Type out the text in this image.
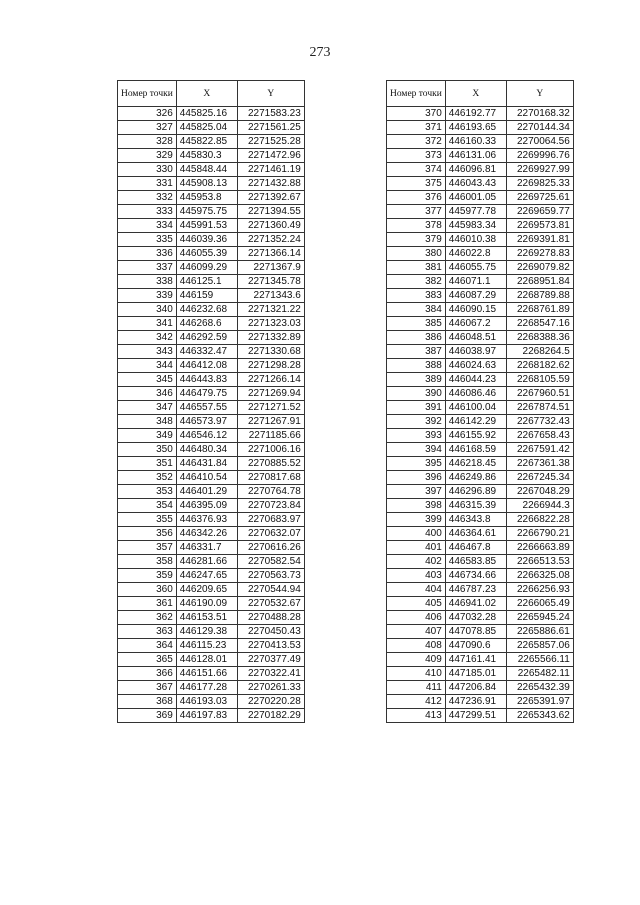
273
Номер точки	X	Y
326	445825.16	2271583.23
327	445825.04	2271561.25
328	445822.85	2271525.28
329	445830.3	2271472.96
330	445848.44	2271461.19
331	445908.13	2271432.88
332	445953.8	2271392.67
333	445975.75	2271394.55
334	445991.53	2271360.49
335	446039.36	2271352.24
336	446055.39	2271366.14
337	446099.29	2271367.9
338	446125.1	2271345.78
339	446159	2271343.6
340	446232.68	2271321.22
341	446268.6	2271323.03
342	446292.59	2271332.89
343	446332.47	2271330.68
344	446412.08	2271298.28
345	446443.83	2271266.14
346	446479.75	2271269.94
347	446557.55	2271271.52
348	446573.97	2271267.91
349	446546.12	2271185.66
350	446480.34	2271006.16
351	446431.84	2270885.52
352	446410.54	2270817.68
353	446401.29	2270764.78
354	446395.09	2270723.84
355	446376.93	2270683.97
356	446342.26	2270632.07
357	446331.7	2270616.26
358	446281.66	2270582.54
359	446247.65	2270563.73
360	446209.65	2270544.94
361	446190.09	2270532.67
362	446153.51	2270488.28
363	446129.38	2270450.43
364	446115.23	2270413.53
365	446128.01	2270377.49
366	446151.66	2270322.41
367	446177.28	2270261.33
368	446193.03	2270220.28
369	446197.83	2270182.29
Номер точки	X	Y
370	446192.77	2270168.32
371	446193.65	2270144.34
372	446160.33	2270064.56
373	446131.06	2269996.76
374	446096.81	2269927.99
375	446043.43	2269825.33
376	446001.05	2269725.61
377	445977.78	2269659.77
378	445983.34	2269573.81
379	446010.38	2269391.81
380	446022.8	2269278.83
381	446055.75	2269079.82
382	446071.1	2268951.84
383	446087.29	2268789.88
384	446090.15	2268761.89
385	446067.2	2268547.16
386	446048.51	2268388.36
387	446038.97	2268264.5
388	446024.63	2268182.62
389	446044.23	2268105.59
390	446086.46	2267960.51
391	446100.04	2267874.51
392	446142.29	2267732.43
393	446155.92	2267658.43
394	446168.59	2267591.42
395	446218.45	2267361.38
396	446249.86	2267245.34
397	446296.89	2267048.29
398	446315.39	2266944.3
399	446343.8	2266822.28
400	446364.61	2266790.21
401	446467.8	2266663.89
402	446583.85	2266513.53
403	446734.66	2266325.08
404	446787.23	2266256.93
405	446941.02	2266065.49
406	447032.28	2265945.24
407	447078.85	2265886.61
408	447090.6	2265857.06
409	447161.41	2265566.11
410	447185.01	2265482.11
411	447206.84	2265432.39
412	447236.91	2265391.97
413	447299.51	2265343.62
